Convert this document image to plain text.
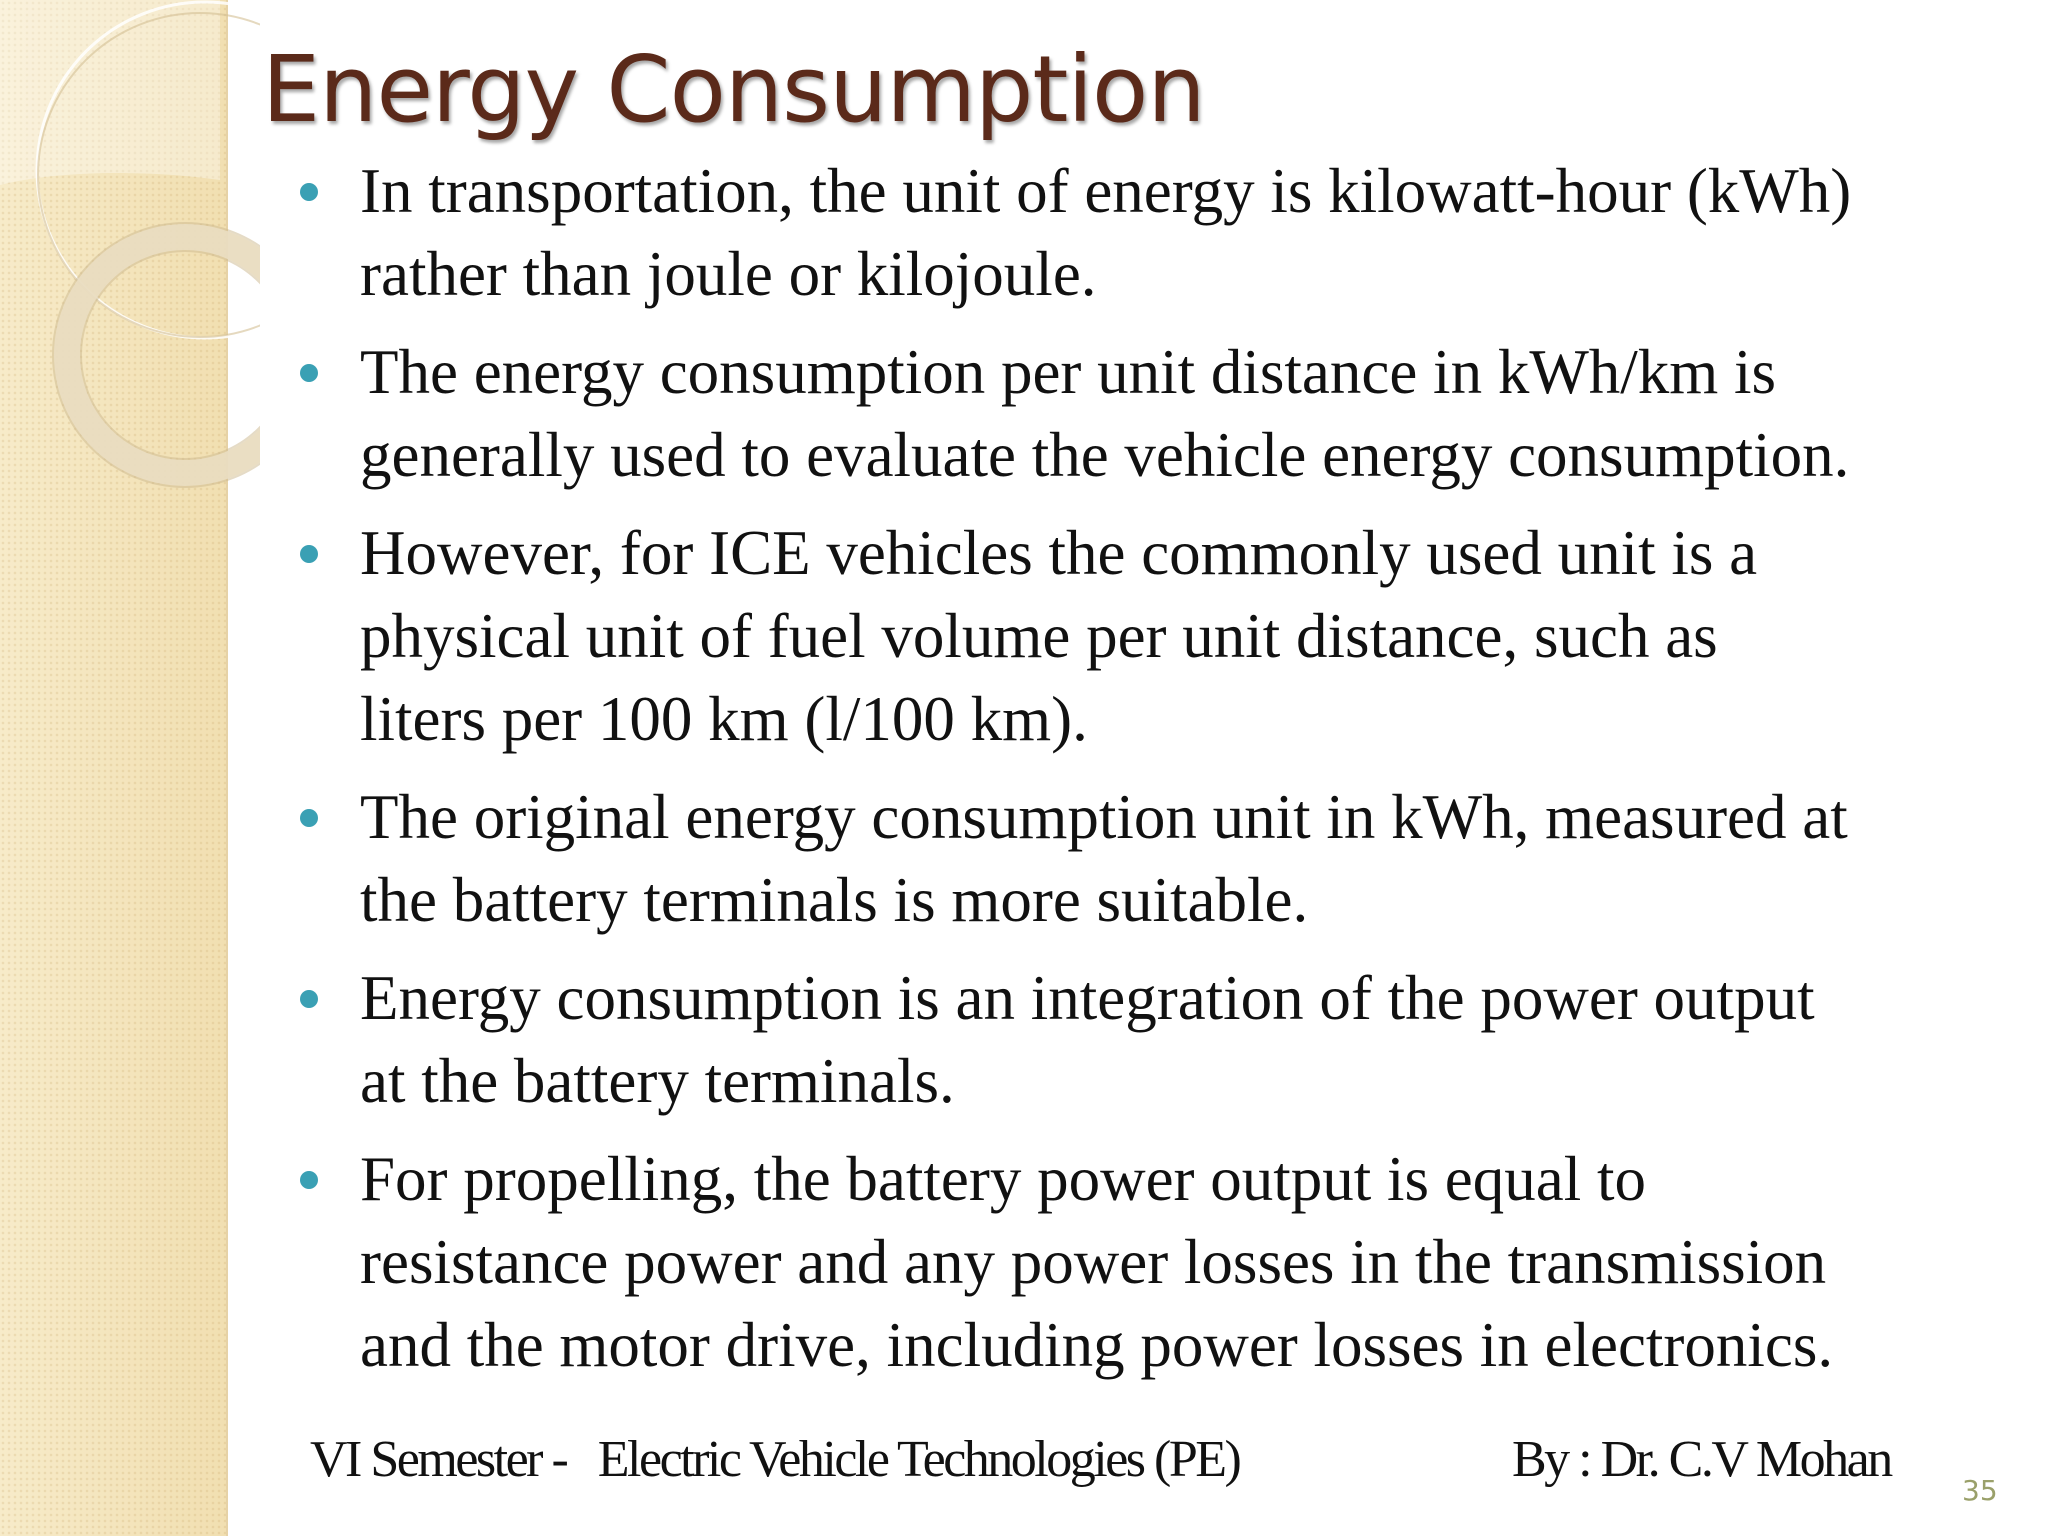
Energy Consumption
In transportation, the unit of energy is kilowatt-hour (kWh)
rather than joule or kilojoule.
The energy consumption per unit distance in kWh/km is
generally used to evaluate the vehicle energy consumption.
However, for ICE vehicles the commonly used unit is a
physical unit of fuel volume per unit distance, such as
liters per 100 km (l/100 km).
The original energy consumption unit in kWh, measured at
the battery terminals is more suitable.
Energy consumption is an integration of the power output
at the battery terminals.
For propelling, the battery power output is equal to
resistance power and any power losses in the transmission
and the motor drive, including power losses in electronics.
VI Semester -   Electric Vehicle Technologies (PE)	By : Dr. C.V Mohan
35
